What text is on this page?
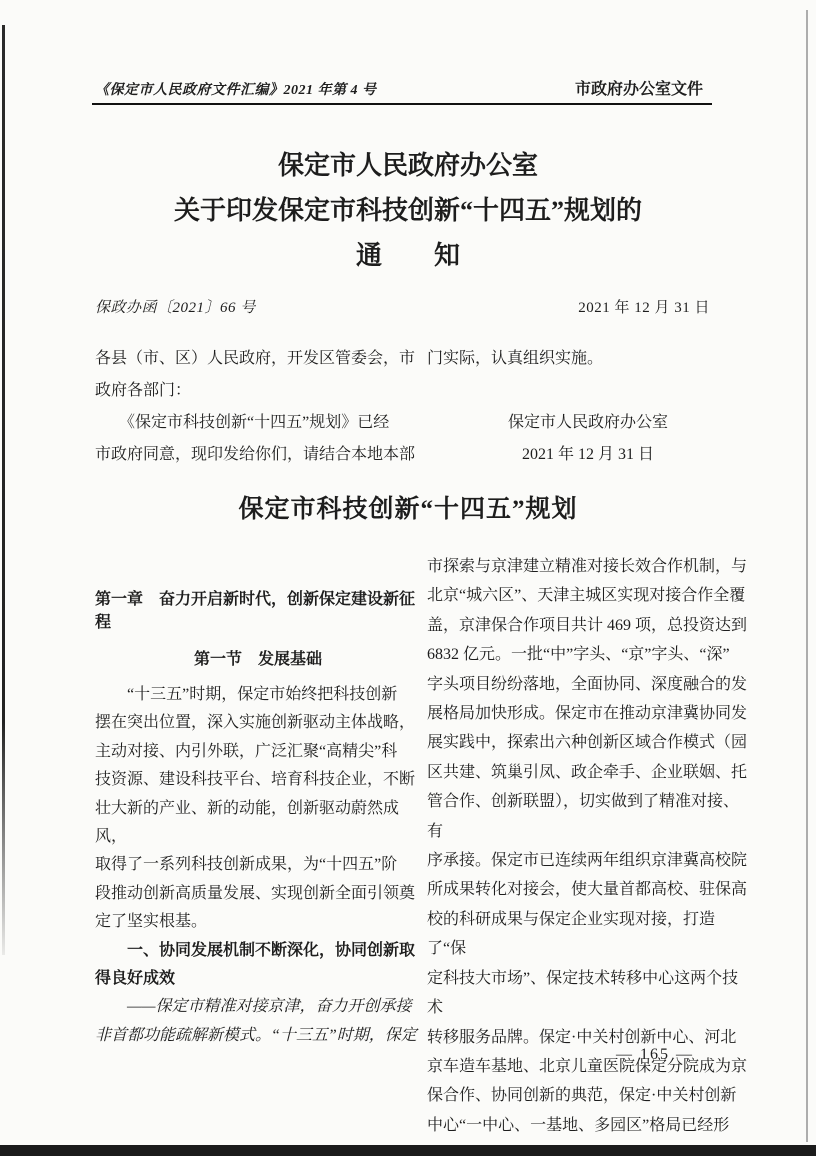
《保定市人民政府文件汇编》2021 年第 4 号	市政府办公室文件
保定市人民政府办公室
关于印发保定市科技创新“十四五”规划的
通　　知
保政办函〔2021〕66 号	2021 年 12 月 31 日
各县（市、区）人民政府，开发区管委会，市
政府各部门：
　　《保定市科技创新“十四五”规划》已经
市政府同意，现印发给你们，请结合本地本部
门实际，认真组织实施。

保定市人民政府办公室
2021 年 12 月 31 日
保定市科技创新“十四五”规划
第一章　奋力开启新时代，创新保定建设新征程
第一节　发展基础
　　“十三五”时期，保定市始终把科技创新
摆在突出位置，深入实施创新驱动主体战略，
主动对接、内引外联，广泛汇聚“高精尖”科
技资源、建设科技平台、培育科技企业，不断
壮大新的产业、新的动能，创新驱动蔚然成风，
取得了一系列科技创新成果，为“十四五”阶
段推动创新高质量发展、实现创新全面引领奠
定了坚实根基。
　　一、协同发展机制不断深化，协同创新取
得良好成效
　　——保定市精准对接京津，奋力开创承接
非首都功能疏解新模式。“十三五”时期，保定
市探索与京津建立精准对接长效合作机制，与
北京“城六区”、天津主城区实现对接合作全覆
盖，京津保合作项目共计 469 项，总投资达到
6832 亿元。一批“中”字头、“京”字头、“深”
字头项目纷纷落地，全面协同、深度融合的发
展格局加快形成。保定市在推动京津冀协同发
展实践中，探索出六种创新区域合作模式（园
区共建、筑巢引凤、政企牵手、企业联姻、托
管合作、创新联盟），切实做到了精准对接、有
序承接。保定市已连续两年组织京津冀高校院
所成果转化对接会，使大量首都高校、驻保高
校的科研成果与保定企业实现对接，打造了“保
定科技大市场”、保定技术转移中心这两个技术
转移服务品牌。保定·中关村创新中心、河北
京车造车基地、北京儿童医院保定分院成为京
保合作、协同创新的典范，保定·中关村创新
中心“一中心、一基地、多园区”格局已经形
— 165 —
